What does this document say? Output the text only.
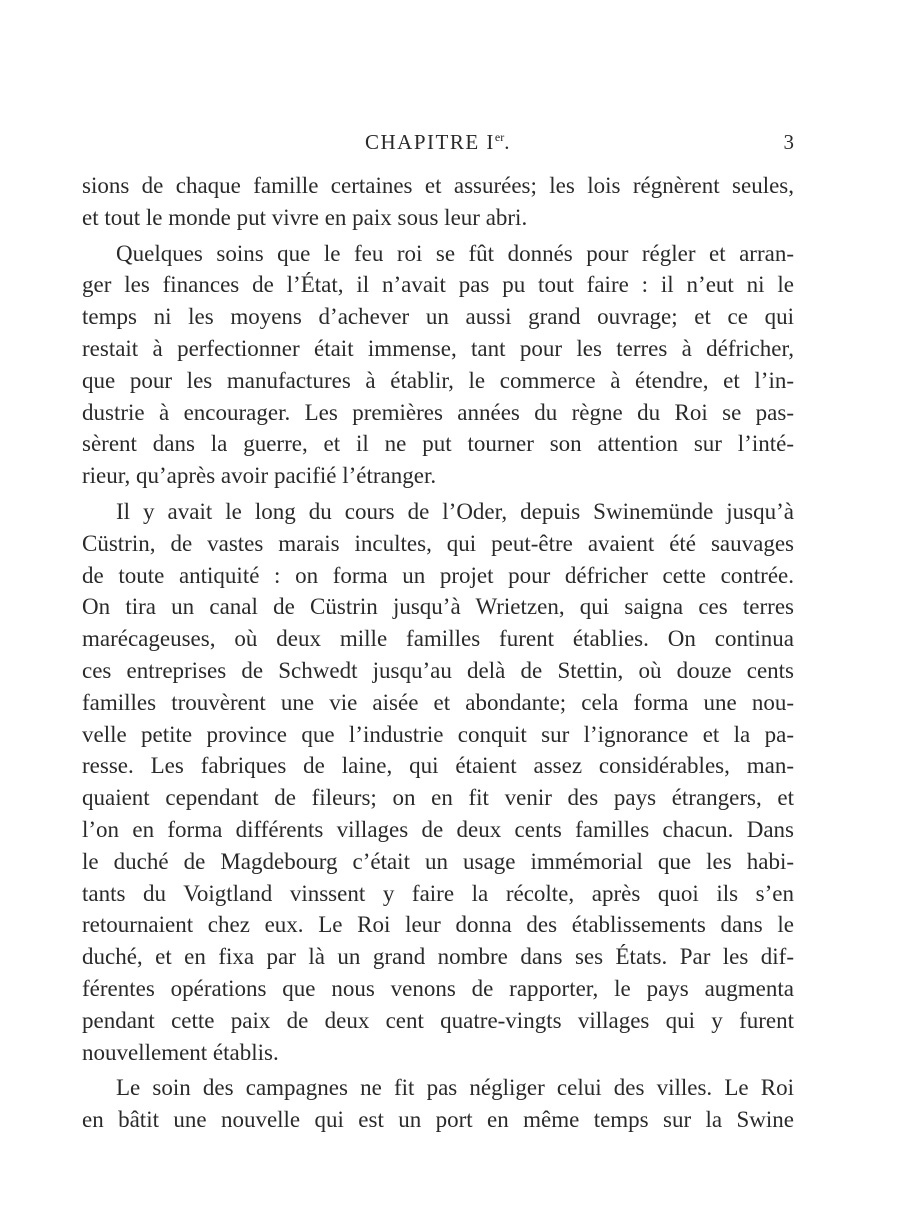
CHAPITRE Ier.	3
sions de chaque famille certaines et assurées; les lois régnèrent seules,
et tout le monde put vivre en paix sous leur abri.
Quelques soins que le feu roi se fût donnés pour régler et arran-
ger les finances de l’État, il n’avait pas pu tout faire : il n’eut ni le
temps ni les moyens d’achever un aussi grand ouvrage; et ce qui
restait à perfectionner était immense, tant pour les terres à défricher,
que pour les manufactures à établir, le commerce à étendre, et l’in-
dustrie à encourager. Les premières années du règne du Roi se pas-
sèrent dans la guerre, et il ne put tourner son attention sur l’inté-
rieur, qu’après avoir pacifié l’étranger.
Il y avait le long du cours de l’Oder, depuis Swinemünde jusqu’à
Cüstrin, de vastes marais incultes, qui peut-être avaient été sauvages
de toute antiquité : on forma un projet pour défricher cette contrée.
On tira un canal de Cüstrin jusqu’à Wrietzen, qui saigna ces terres
marécageuses, où deux mille familles furent établies. On continua
ces entreprises de Schwedt jusqu’au delà de Stettin, où douze cents
familles trouvèrent une vie aisée et abondante; cela forma une nou-
velle petite province que l’industrie conquit sur l’ignorance et la pa-
resse. Les fabriques de laine, qui étaient assez considérables, man-
quaient cependant de fileurs; on en fit venir des pays étrangers, et
l’on en forma différents villages de deux cents familles chacun. Dans
le duché de Magdebourg c’était un usage immémorial que les habi-
tants du Voigtland vinssent y faire la récolte, après quoi ils s’en
retournaient chez eux. Le Roi leur donna des établissements dans le
duché, et en fixa par là un grand nombre dans ses États. Par les dif-
férentes opérations que nous venons de rapporter, le pays augmenta
pendant cette paix de deux cent quatre-vingts villages qui y furent
nouvellement établis.
Le soin des campagnes ne fit pas négliger celui des villes. Le Roi
en bâtit une nouvelle qui est un port en même temps sur la Swine
